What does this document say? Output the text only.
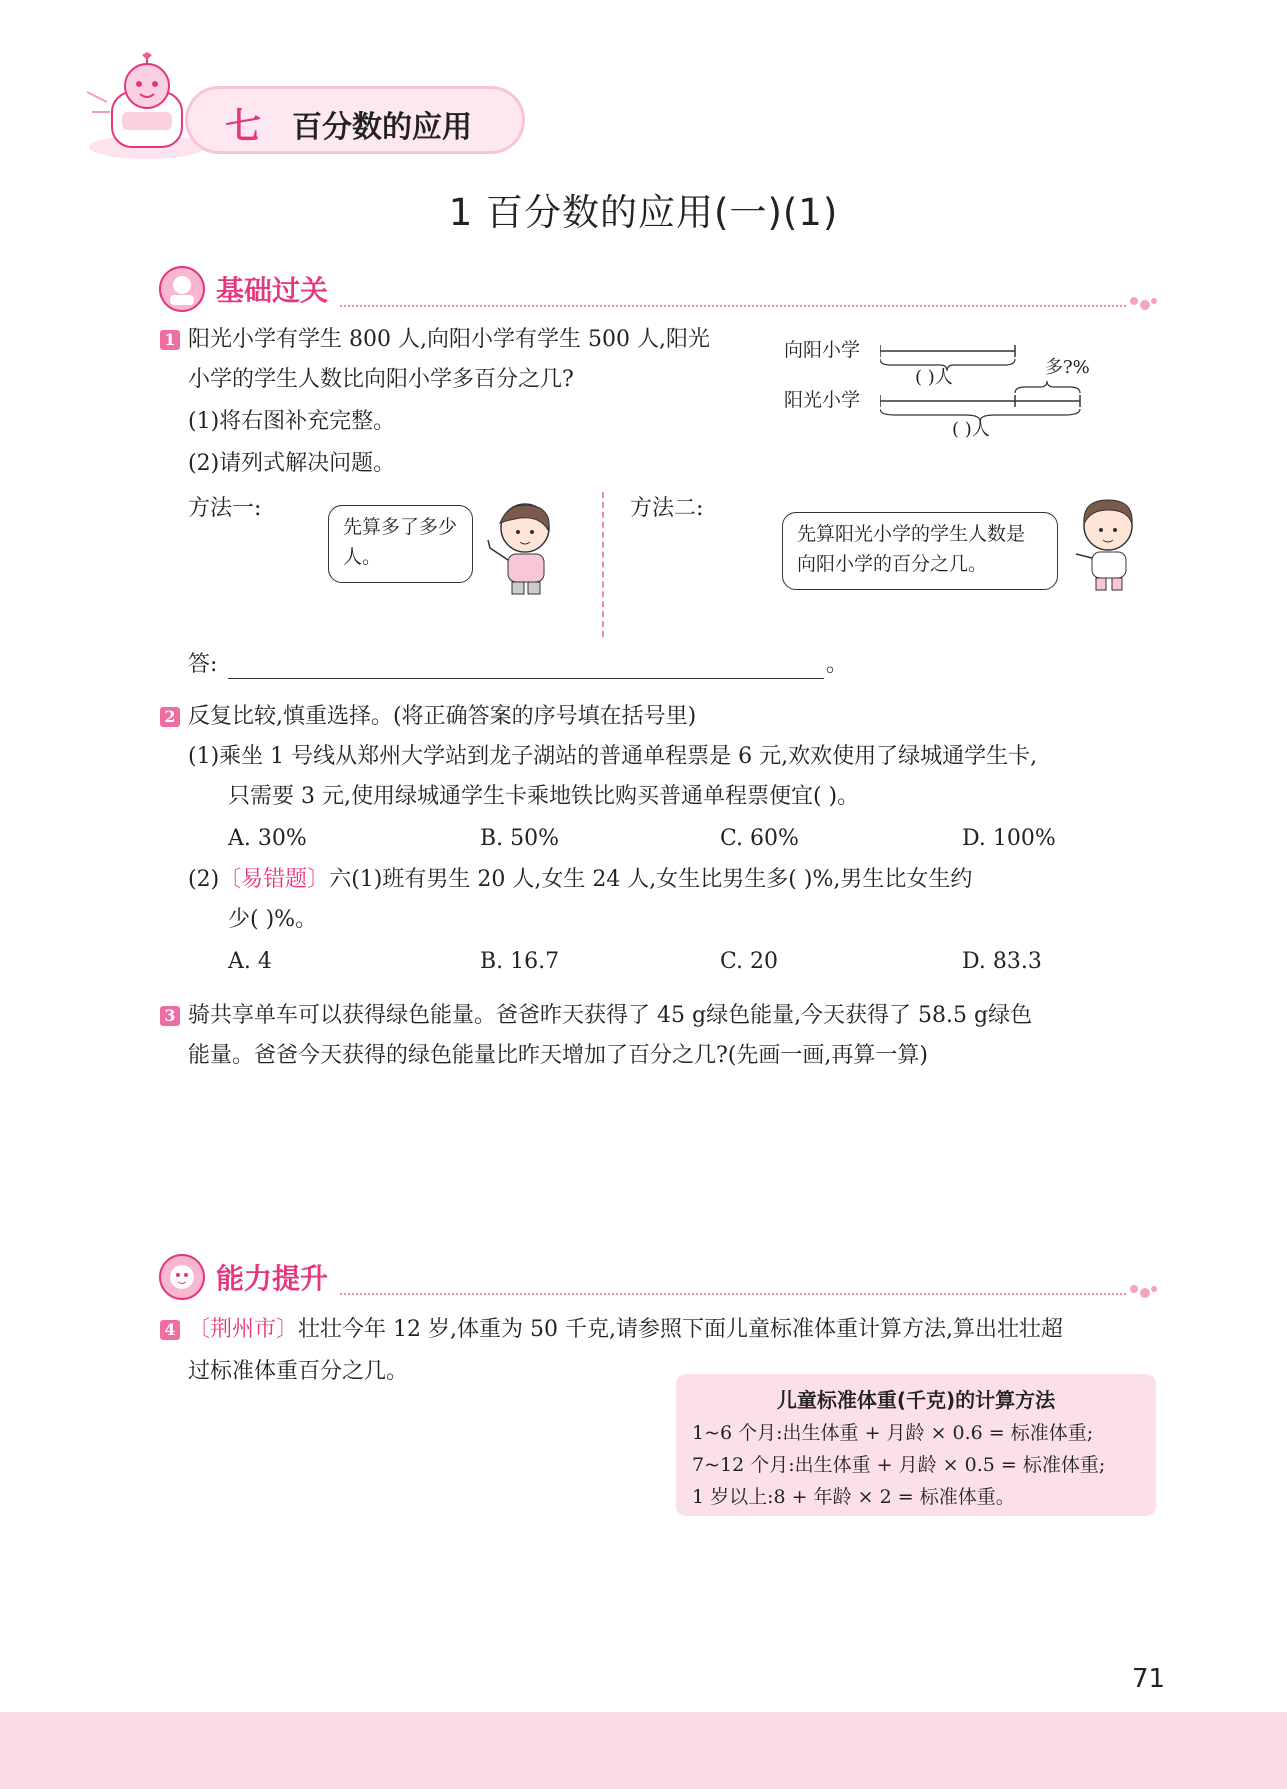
七 百分数的应用
1 百分数的应用(一)(1)
基础过关
1 阳光小学有学生 800 人,向阳小学有学生 500 人,阳光
小学的学生人数比向阳小学多百分之几?
(1)将右图补充完整。
(2)请列式解决问题。
向阳小学
阳光小学
( )人	多?%
( )人
方法一:
先算多了多少人。
方法二:
先算阳光小学的学生人数是向阳小学的百分之几。
答:	。
2 反复比较,慎重选择。(将正确答案的序号填在括号里)
(1)乘坐 1 号线从郑州大学站到龙子湖站的普通单程票是 6 元,欢欢使用了绿城通学生卡,
只需要 3 元,使用绿城通学生卡乘地铁比购买普通单程票便宜( )。
A. 30%	B. 50%	C. 60%	D. 100%
(2)〔易错题〕六(1)班有男生 20 人,女生 24 人,女生比男生多( )%,男生比女生约
少( )%。
A. 4	B. 16.7	C. 20	D. 83.3
3 骑共享单车可以获得绿色能量。爸爸昨天获得了 45 g绿色能量,今天获得了 58.5 g绿色
能量。爸爸今天获得的绿色能量比昨天增加了百分之几?(先画一画,再算一算)
能力提升
4 〔荆州市〕壮壮今年 12 岁,体重为 50 千克,请参照下面儿童标准体重计算方法,算出壮壮超
过标准体重百分之几。
儿童标准体重(千克)的计算方法
1~6 个月:出生体重 + 月龄 × 0.6 = 标准体重;
7~12 个月:出生体重 + 月龄 × 0.5 = 标准体重;
1 岁以上:8 + 年龄 × 2 = 标准体重。
71
